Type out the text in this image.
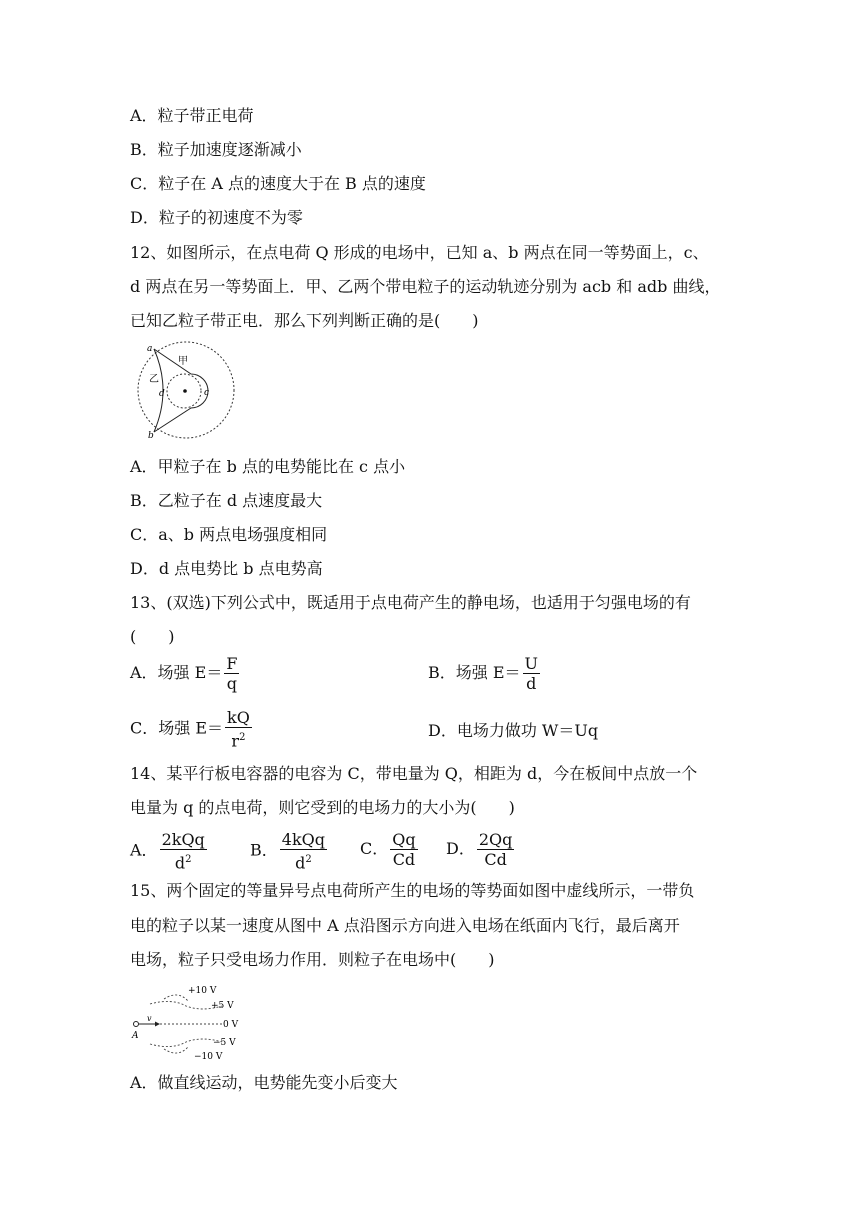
A．粒子带正电荷
B．粒子加速度逐渐减小
C．粒子在 A 点的速度大于在 B 点的速度
D．粒子的初速度不为零
12、如图所示，在点电荷 Q 形成的电场中，已知 a、b 两点在同一等势面上，c、
d 两点在另一等势面上．甲、乙两个带电粒子的运动轨迹分别为 acb 和 adb 曲线，
已知乙粒子带正电．那么下列判断正确的是(　　)
a
b
c
d
甲
乙
A．甲粒子在 b 点的电势能比在 c 点小
B．乙粒子在 d 点速度最大
C．a、b 两点电场强度相同
D．d 点电势比 b 点电势高
13、(双选)下列公式中，既适用于点电荷产生的静电场，也适用于匀强电场的有
(　　)
A．场强 $E= \frac{F}{q}$	B．场强 $E= \frac{U}{d}$
C．场强 $E= \frac{kQ}{r^2}$	D．电场力做功 W＝Uq
14、某平行板电容器的电容为 C，带电量为 Q，相距为 d，今在板间中点放一个
电量为 q 的点电荷，则它受到的电场力的大小为(　　)
A． $\frac{\text{2kQq}}{d^2}$	B． $\frac{\text{4kQq}}{d^2}$ C． $\frac{Qq}{Cd}$ D． $\frac{2Qq}{Cd}$
15、两个固定的等量异号点电荷所产生的电场的等势面如图中虚线所示，一带负
电的粒子以某一速度从图中 A 点沿图示方向进入电场在纸面内飞行，最后离开
电场，粒子只受电场力作用．则粒子在电场中(　　)
v
A
+10 V
+5 V
0 V
−5 V
−10 V
A．做直线运动，电势能先变小后变大
